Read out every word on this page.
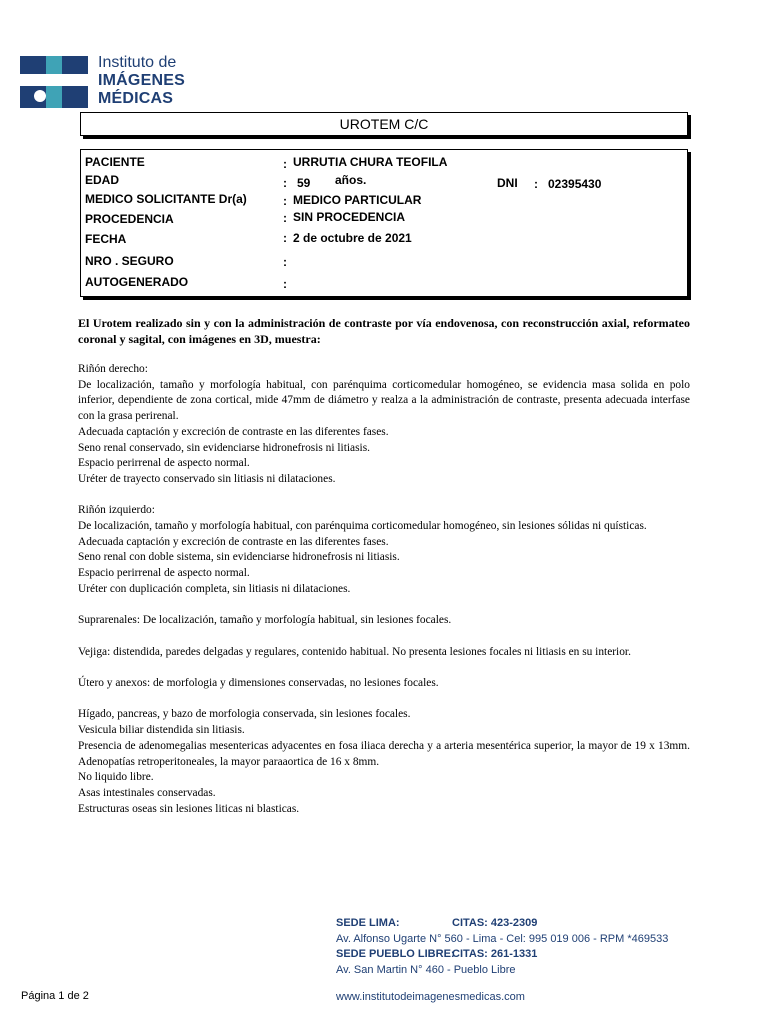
Instituto de
IMÁGENES
MÉDICAS
UROTEM C/C
PACIENTE	: URRUTIA CHURA TEOFILA
EDAD	: 59 años.	DNI : 02395430
MEDICO SOLICITANTE Dr(a)	: MEDICO PARTICULAR
PROCEDENCIA	: SIN PROCEDENCIA
FECHA	: 2 de octubre de 2021
NRO . SEGURO	:
AUTOGENERADO	:
El Urotem realizado sin y con la administración de contraste por vía endovenosa, con reconstrucción axial, reformateo coronal y sagital, con imágenes en 3D, muestra:

Riñón derecho:

De localización, tamaño y morfología habitual, con parénquima corticomedular homogéneo, se evidencia masa solida en polo inferior, dependiente de zona cortical, mide 47mm de diámetro y realza a la administración de contraste, presenta adecuada interfase con la grasa perirenal.

Adecuada captación y excreción de contraste en las diferentes fases.

Seno renal conservado, sin evidenciarse hidronefrosis ni litiasis.

Espacio perirrenal de aspecto normal.

Uréter de trayecto conservado sin litiasis ni dilataciones.

Riñón izquierdo:

De localización, tamaño y morfología habitual, con parénquima corticomedular homogéneo, sin lesiones sólidas ni quísticas.

Adecuada captación y excreción de contraste en las diferentes fases.

Seno renal con doble sistema, sin evidenciarse hidronefrosis ni litiasis.

Espacio perirrenal de aspecto normal.

Uréter con duplicación completa, sin litiasis ni dilataciones.

Suprarenales: De localización, tamaño y morfología habitual, sin lesiones focales.

Vejiga: distendida, paredes delgadas y regulares, contenido habitual. No presenta lesiones focales ni litiasis en su interior.

Útero y anexos: de morfologia y dimensiones conservadas, no lesiones focales.

Hígado, pancreas, y bazo de morfologia conservada, sin lesiones focales.

Vesicula biliar distendida sin litiasis.

Presencia de adenomegalias mesentericas adyacentes en fosa iliaca derecha y a arteria mesentérica superior, la mayor de 19 x 13mm. Adenopatías retroperitoneales, la mayor paraaortica de 16 x 8mm.

No liquido libre.

Asas intestinales conservadas.

Estructuras oseas sin lesiones liticas ni blasticas.

SEDE LIMA:	CITAS: 423-2309
Av. Alfonso Ugarte N° 560 - Lima - Cel: 995 019 006 - RPM *469533
SEDE PUEBLO LIBRE:
CITAS: 261-1331
Av. San Martin N° 460 - Pueblo Libre
www.institutodeimagenesmedicas.com
Página 1 de 2
